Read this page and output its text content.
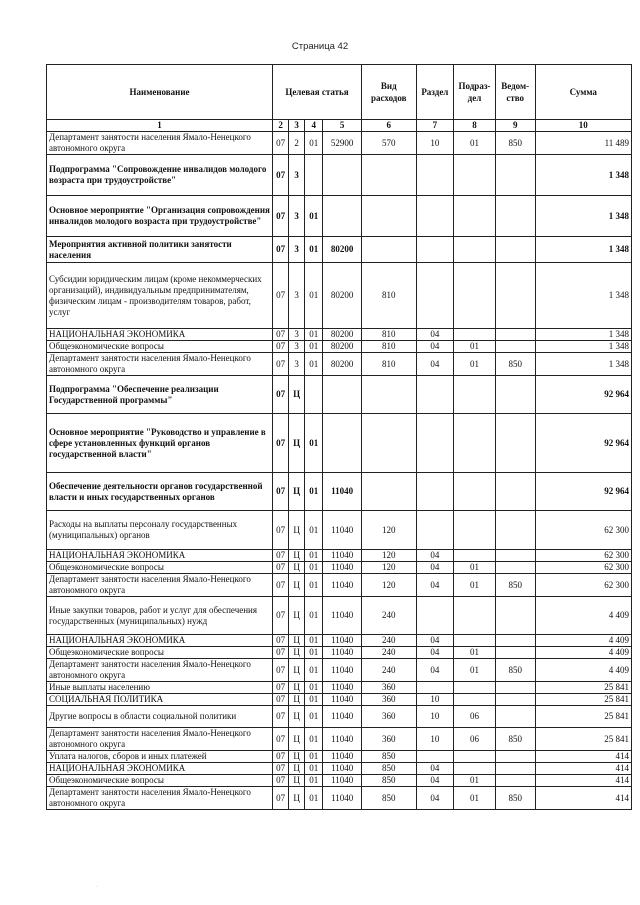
Страница 42
Наименование	Целевая статья				Вид расходов	Раздел	Подраз-дел	Ведом-ство	Сумма
1	2	3	4	5	6	7	8	9	10
Департамент занятости населения Ямало-Ненецкого автономного округа	07	2	01	52900	570	10	01	850	11 489
Подпрограмма "Сопровождение инвалидов молодого возраста при трудоустройстве"	07	3							1 348
Основное мероприятие "Организация сопровождения инвалидов молодого возраста при трудоустройстве"	07	3	01						1 348
Мероприятия активной политики занятости населения	07	3	01	80200					1 348
Субсидии юридическим лицам (кроме некоммерческих организаций), индивидуальным предпринимателям, физическим лицам - производителям товаров, работ, услуг	07	3	01	80200	810				1 348
НАЦИОНАЛЬНАЯ ЭКОНОМИКА	07	3	01	80200	810	04			1 348
Общеэкономические вопросы	07	3	01	80200	810	04	01		1 348
Департамент занятости населения Ямало-Ненецкого автономного округа	07	3	01	80200	810	04	01	850	1 348
Подпрограмма "Обеспечение реализации Государственной программы"	07	Ц							92 964
Основное мероприятие "Руководство и управление в сфере установленных функций органов государственной власти"	07	Ц	01						92 964
Обеспечение деятельности органов государственной власти и иных государственных органов	07	Ц	01	11040					92 964
Расходы на выплаты персоналу государственных (муниципальных) органов	07	Ц	01	11040	120				62 300
НАЦИОНАЛЬНАЯ ЭКОНОМИКА	07	Ц	01	11040	120	04			62 300
Общеэкономические вопросы	07	Ц	01	11040	120	04	01		62 300
Департамент занятости населения Ямало-Ненецкого автономного округа	07	Ц	01	11040	120	04	01	850	62 300
Иные закупки товаров, работ и услуг для обеспечения государственных (муниципальных) нужд	07	Ц	01	11040	240				4 409
НАЦИОНАЛЬНАЯ ЭКОНОМИКА	07	Ц	01	11040	240	04			4 409
Общеэкономические вопросы	07	Ц	01	11040	240	04	01		4 409
Департамент занятости населения Ямало-Ненецкого автономного округа	07	Ц	01	11040	240	04	01	850	4 409
Иные выплаты населению	07	Ц	01	11040	360				25 841
СОЦИАЛЬНАЯ ПОЛИТИКА	07	Ц	01	11040	360	10			25 841
Другие вопросы в области социальной политики	07	Ц	01	11040	360	10	06		25 841
Департамент занятости населения Ямало-Ненецкого автономного округа	07	Ц	01	11040	360	10	06	850	25 841
Уплата налогов, сборов и иных платежей	07	Ц	01	11040	850				414
НАЦИОНАЛЬНАЯ ЭКОНОМИКА	07	Ц	01	11040	850	04			414
Общеэкономические вопросы	07	Ц	01	11040	850	04	01		414
Департамент занятости населения Ямало-Ненецкого автономного округа	07	Ц	01	11040	850	04	01	850	414
·
